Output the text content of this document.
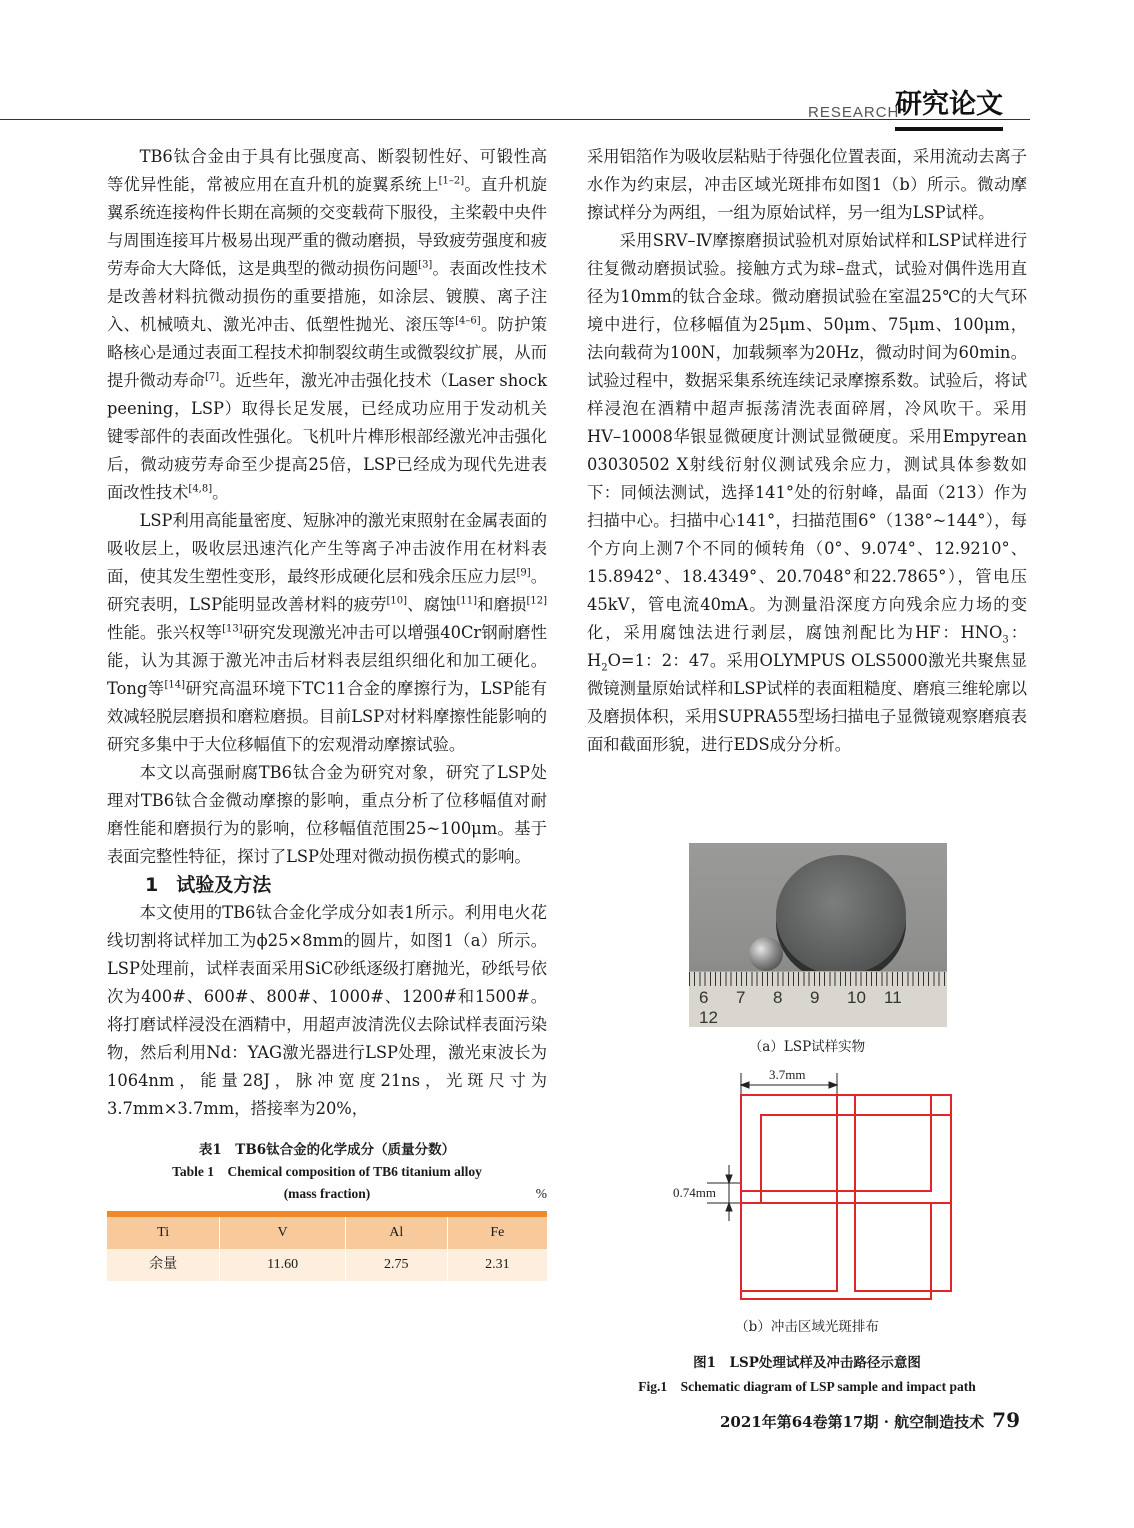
RESEARCH
研究论文

TB6钛合金由于具有比强度高、断裂韧性好、可锻性高等优异性能，常被应用在直升机的旋翼系统上[1–2]。直升机旋翼系统连接构件长期在高频的交变载荷下服役，主桨毂中央件与周围连接耳片极易出现严重的微动磨损，导致疲劳强度和疲劳寿命大大降低，这是典型的微动损伤问题[3]。表面改性技术是改善材料抗微动损伤的重要措施，如涂层、镀膜、离子注入、机械喷丸、激光冲击、低塑性抛光、滚压等[4–6]。防护策略核心是通过表面工程技术抑制裂纹萌生或微裂纹扩展，从而提升微动寿命[7]。近些年，激光冲击强化技术（Laser shock peening，LSP）取得长足发展，已经成功应用于发动机关键零部件的表面改性强化。飞机叶片榫形根部经激光冲击强化后，微动疲劳寿命至少提高25倍，LSP已经成为现代先进表面改性技术[4,8]。

LSP利用高能量密度、短脉冲的激光束照射在金属表面的吸收层上，吸收层迅速汽化产生等离子冲击波作用在材料表面，使其发生塑性变形，最终形成硬化层和残余压应力层[9]。研究表明，LSP能明显改善材料的疲劳[10]、腐蚀[11]和磨损[12]性能。张兴权等[13]研究发现激光冲击可以增强40Cr钢耐磨性能，认为其源于激光冲击后材料表层组织细化和加工硬化。Tong等[14]研究高温环境下TC11合金的摩擦行为，LSP能有效减轻脱层磨损和磨粒磨损。目前LSP对材料摩擦性能影响的研究多集中于大位移幅值下的宏观滑动摩擦试验。

本文以高强耐腐TB6钛合金为研究对象，研究了LSP处理对TB6钛合金微动摩擦的影响，重点分析了位移幅值对耐磨性能和磨损行为的影响，位移幅值范围25~100μm。基于表面完整性特征，探讨了LSP处理对微动损伤模式的影响。

1 试验及方法

本文使用的TB6钛合金化学成分如表1所示。利用电火花线切割将试样加工为ϕ25×8mm的圆片，如图1（a）所示。LSP处理前，试样表面采用SiC砂纸逐级打磨抛光，砂纸号依次为400#、600#、800#、1000#、1200#和1500#。将打磨试样浸没在酒精中，用超声波清洗仪去除试样表面污染物，然后利用Nd：YAG激光器进行LSP处理，激光束波长为1064nm，能量28J，脉冲宽度21ns，光斑尺寸为3.7mm×3.7mm，搭接率为20%，

表1　TB6钛合金的化学成分（质量分数）
Table 1　Chemical composition of TB6 titanium alloy
(mass fraction)	%
Ti	V	Al	Fe
余量	11.60	2.75	2.31

采用铝箔作为吸收层粘贴于待强化位置表面，采用流动去离子水作为约束层，冲击区域光斑排布如图1（b）所示。微动摩擦试样分为两组，一组为原始试样，另一组为LSP试样。

采用SRV–Ⅳ摩擦磨损试验机对原始试样和LSP试样进行往复微动磨损试验。接触方式为球–盘式，试验对偶件选用直径为10mm的钛合金球。微动磨损试验在室温25℃的大气环境中进行，位移幅值为25μm、50μm、75μm、100μm，法向载荷为100N，加载频率为20Hz，微动时间为60min。试验过程中，数据采集系统连续记录摩擦系数。试验后，将试样浸泡在酒精中超声振荡清洗表面碎屑，冷风吹干。采用HV–10008华银显微硬度计测试显微硬度。采用Empyrean 03030502 X射线衍射仪测试残余应力，测试具体参数如下：同倾法测试，选择141°处的衍射峰，晶面（213）作为扫描中心。扫描中心141°，扫描范围6°（138°~144°），每个方向上测7个不同的倾转角（0°、9.074°、12.9210°、15.8942°、18.4349°、20.7048°和22.7865°），管电压45kV，管电流40mA。为测量沿深度方向残余应力场的变化，采用腐蚀法进行剥层，腐蚀剂配比为HF：$HNO_3$：$H_2O=1$：2：47。采用OLYMPUS OLS5000激光共聚焦显微镜测量原始试样和LSP试样的表面粗糙度、磨痕三维轮廓以及磨损体积，采用SUPRA55型场扫描电子显微镜观察磨痕表面和截面形貌，进行EDS成分分析。

6 7 8 9 10 1112
（a）LSP试样实物
3.7mm
0.74mm
（b）冲击区域光斑排布
图1　LSP处理试样及冲击路径示意图
Fig.1　Schematic diagram of LSP sample and impact path
2021年第64卷第17期 · 航空制造技术 79
